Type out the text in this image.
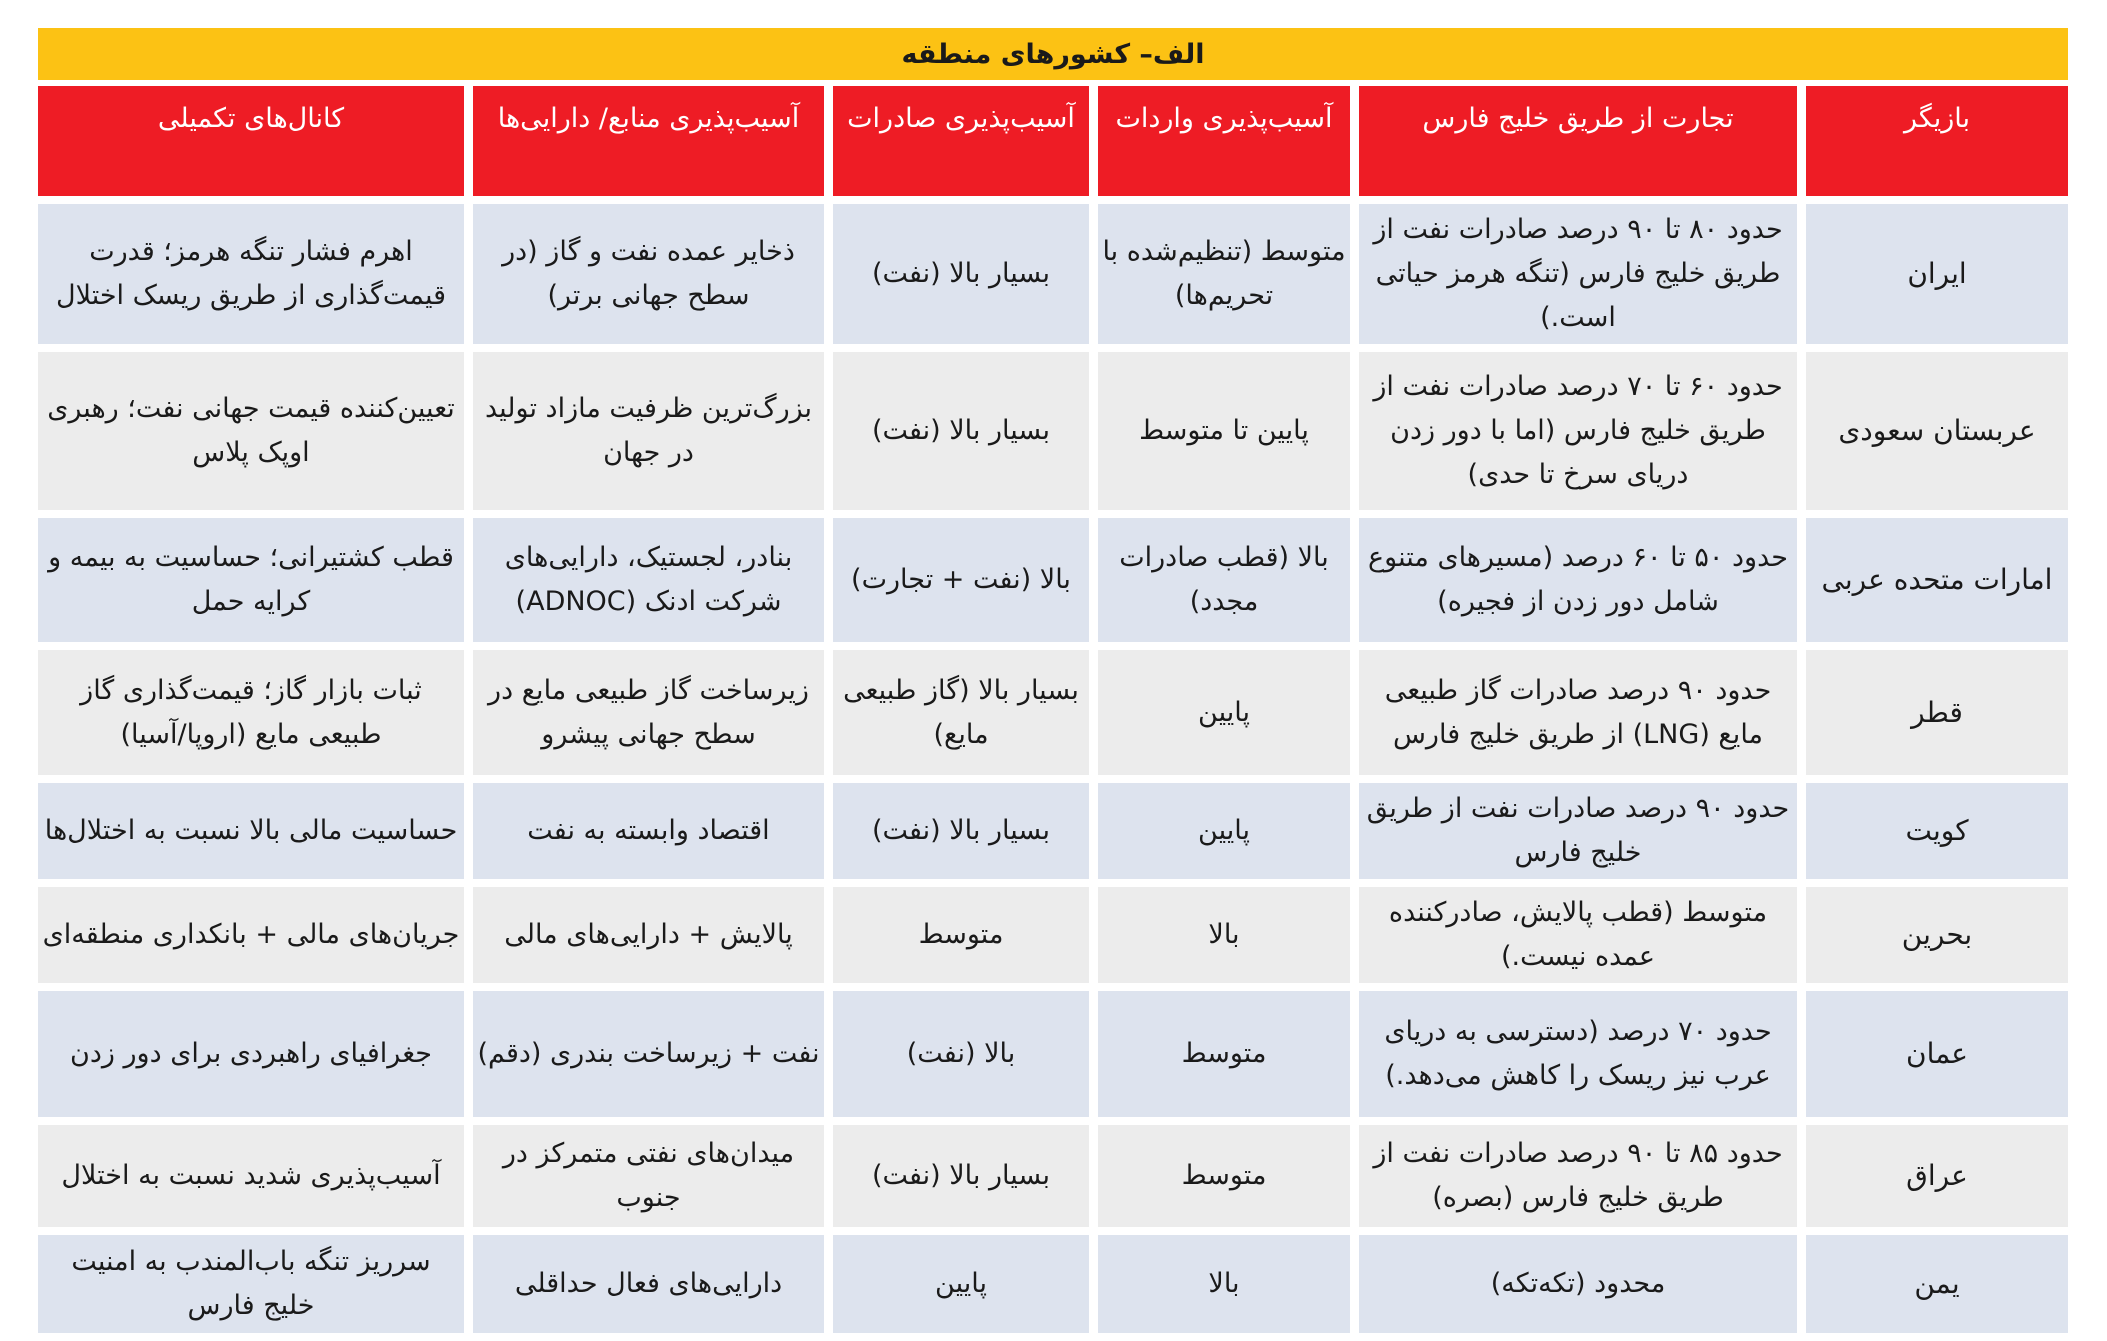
الف– کشورهای منطقه
بازیگر	تجارت از طریق خلیج فارس	آسیب‌پذیری واردات	آسیب‌پذیری صادرات	آسیب‌پذیری منابع/ دارایی‌ها	کانال‌های تکمیلی
ایران	حدود ۸۰ تا ۹۰ درصد صادرات نفت از طریق خلیج فارس (تنگه هرمز حیاتی است.)	متوسط (تنظیم‌شده با تحریم‌ها)	بسیار بالا (نفت)	ذخایر عمده نفت و گاز (در سطح جهانی برتر)	اهرم فشار تنگه هرمز؛ قدرت قیمت‌گذاری از طریق ریسک اختلال
عربستان سعودی	حدود ۶۰ تا ۷۰ درصد صادرات نفت از طریق خلیج فارس (اما با دور زدن دریای سرخ تا حدی)	پایین تا متوسط	بسیار بالا (نفت)	بزرگ‌ترین ظرفیت مازاد تولید در جهان	تعیین‌کننده قیمت جهانی نفت؛ رهبری اوپک پلاس
امارات متحده عربی	حدود ۵۰ تا ۶۰ درصد (مسیرهای متنوع شامل دور زدن از فجیره)	بالا (قطب صادرات مجدد)	بالا (نفت + تجارت)	بنادر، لجستیک، دارایی‌های شرکت ادنک (ADNOC)	قطب کشتیرانی؛ حساسیت به بیمه و کرایه حمل
قطر	حدود ۹۰ درصد صادرات گاز طبیعی مایع (LNG) از طریق خلیج فارس	پایین	بسیار بالا (گاز طبیعی مایع)	زیرساخت گاز طبیعی مایع در سطح جهانی پیشرو	ثبات بازار گاز؛ قیمت‌گذاری گاز طبیعی مایع (اروپا/آسیا)
کویت	حدود ۹۰ درصد صادرات نفت از طریق خلیج فارس	پایین	بسیار بالا (نفت)	اقتصاد وابسته به نفت	حساسیت مالی بالا نسبت به اختلال‌ها
بحرین	متوسط (قطب پالایش، صادرکننده عمده نیست.)	بالا	متوسط	پالایش + دارایی‌های مالی	جریان‌های مالی + بانکداری منطقه‌ای
عمان	حدود ۷۰ درصد (دسترسی به دریای عرب نیز ریسک را کاهش می‌دهد.)	متوسط	بالا (نفت)	نفت + زیرساخت بندری (دقم)	جغرافیای راهبردی برای دور زدن
عراق	حدود ۸۵ تا ۹۰ درصد صادرات نفت از طریق خلیج فارس (بصره)	متوسط	بسیار بالا (نفت)	میدان‌های نفتی متمرکز در جنوب	آسیب‌پذیری شدید نسبت به اختلال
یمن	محدود (تکه‌تکه)	بالا	پایین	دارایی‌های فعال حداقلی	سرریز تنگه باب‌المندب به امنیت خلیج فارس
